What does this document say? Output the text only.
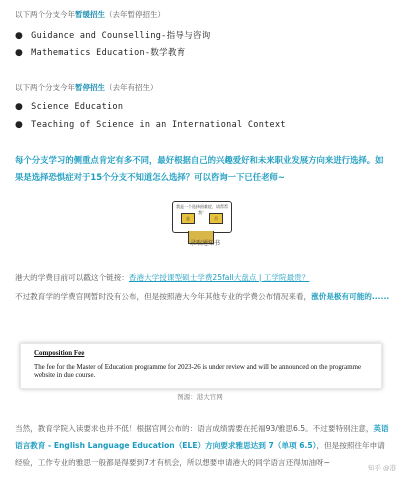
以下两个分支今年暂缓招生（去年暂停招生）
● Guidance and Counselling-指导与咨询
● Mathematics Education-数学教育
以下两个分支今年暂停招生（去年有招生）
● Science Education
● Teaching of Science in an International Context
每个分支学习的侧重点肯定有多不同，最好根据自己的兴趣爱好和未来职业发展方向来进行选择。如果是选择恐惧症对于15个分支不知道怎么选择？可以咨询一下已任老师~
我是一个选择困难症，请帮帮我！
是	否
录取通知书
港大的学费目前可以戳这个链接：香港大学授课型硕士学费25fall大盘点 | 工学院最贵？
不过教育学的学费官网暂时没有公布，但是按照港大今年其他专业的学费公布情况来看，涨价是极有可能的......
Composition Fee
The fee for the Master of Education programme for 2023-26 is under review and will be announced on the programme website in due course.
图源：港大官网
当然，教育学院入读要求也并不低！根据官网公布的：语言成绩需要在托福93/雅思6.5。不过要特别注意，英语语言教育 - English Language Education（ELE）方向要求雅思达到 7（单项 6.5），但是按照往年申请经验，工作专业的雅思一般都是得要到7才有机会，所以想要申请港大的同学语言还得加油呀~
知乎 @港
